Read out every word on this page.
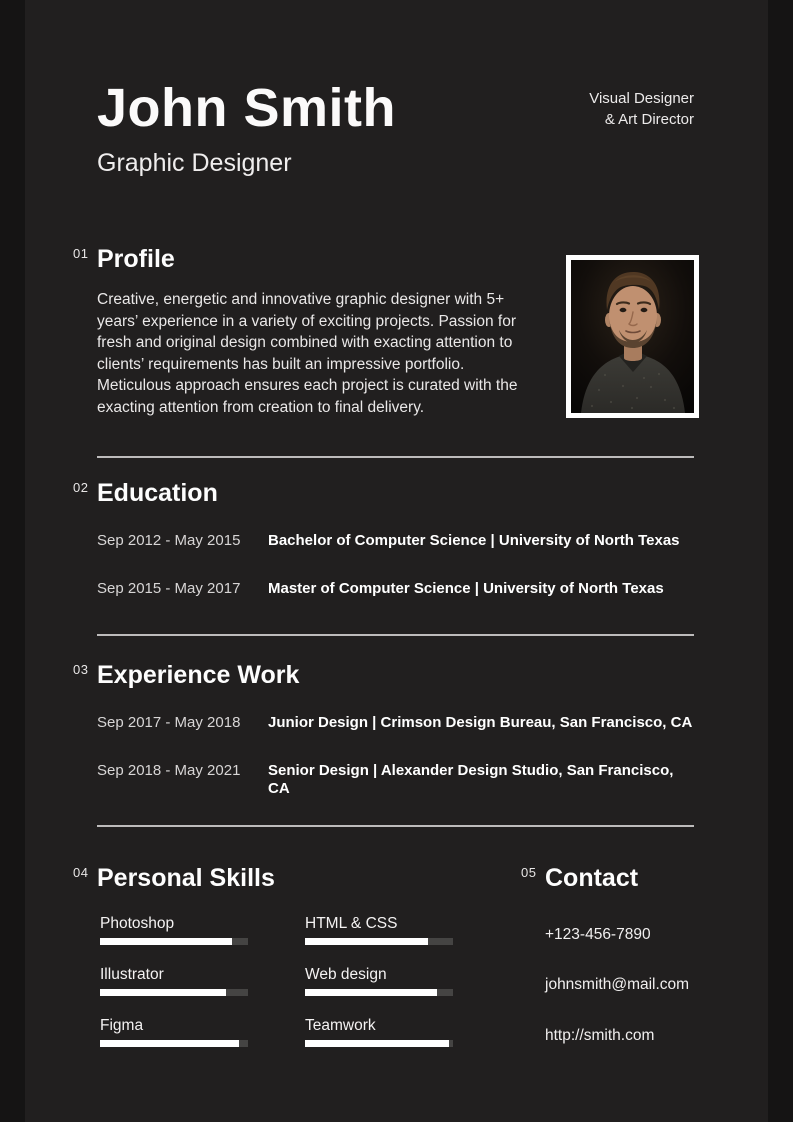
John Smith
Graphic Designer
Visual Designer
& Art Director
01 Profile
Creative, energetic and innovative graphic designer with 5+ years’ experience in a variety of exciting projects. Passion for fresh and original design combined with exacting attention to clients’ requirements has built an impressive portfolio. Meticulous approach ensures each project is curated with the exacting attention from creation to final delivery.
02 Education
Sep 2012 - May 2015	Bachelor of Computer Science | University of North Texas
Sep 2015 - May 2017	Master of Computer Science | University of North Texas
03 Experience Work
Sep 2017 - May 2018	Junior Design | Crimson Design Bureau, San Francisco, CA
Sep 2018 - May 2021	Senior Design | Alexander Design Studio, San Francisco, CA
04 Personal Skills
Photoshop	HTML & CSS
Illustrator	Web design
Figma	Teamwork
05 Contact
+123-456-7890
johnsmith@mail.com
http://smith.com
